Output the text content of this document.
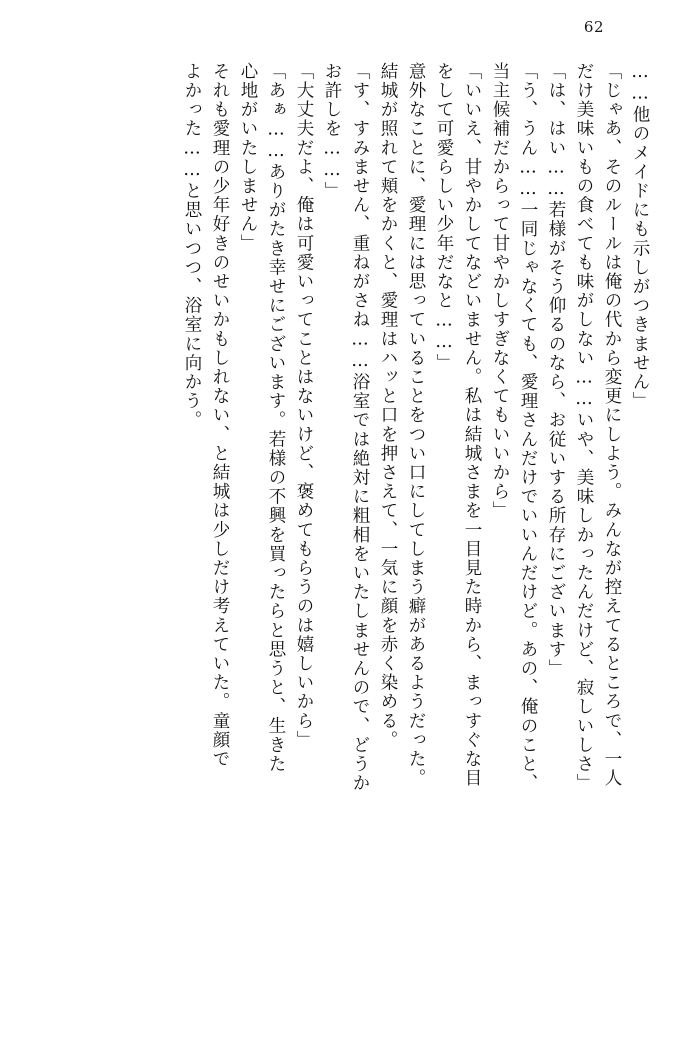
62
……他のメイドにも示しがつきません」
「じゃあ、そのルールは俺の代から変更にしよう。みんなが控えてるところで、一人
だけ美味いもの食べても味がしない……いや、美味しかったんだけど、寂しいしさ」
「は、はい……若様がそう仰るのなら、お従いする所存にございます」
「う、うん……一同じゃなくても、愛理さんだけでいいんだけど。あの、俺のこと、
当主候補だからって甘やかしすぎなくてもいいから」
「いいえ、甘やかしてなどいません。私は結城さまを一目見た時から、まっすぐな目
をして可愛らしい少年だなと……」
意外なことに、愛理には思っていることをつい口にしてしまう癖があるようだった。
結城が照れて頬をかくと、愛理はハッと口を押さえて、一気に顔を赤く染める。
「す、すみません、重ねがさね……浴室では絶対に粗相をいたしませんので、どうか
お許しを……」
「大丈夫だよ、俺は可愛いってことはないけど、褒めてもらうのは嬉しいから」
「あぁ……ありがたき幸せにございます。若様の不興を買ったらと思うと、生きた
心地がいたしません」
それも愛理の少年好きのせいかもしれない、と結城は少しだけ考えていた。童顔で
よかった……と思いつつ、浴室に向かう。
